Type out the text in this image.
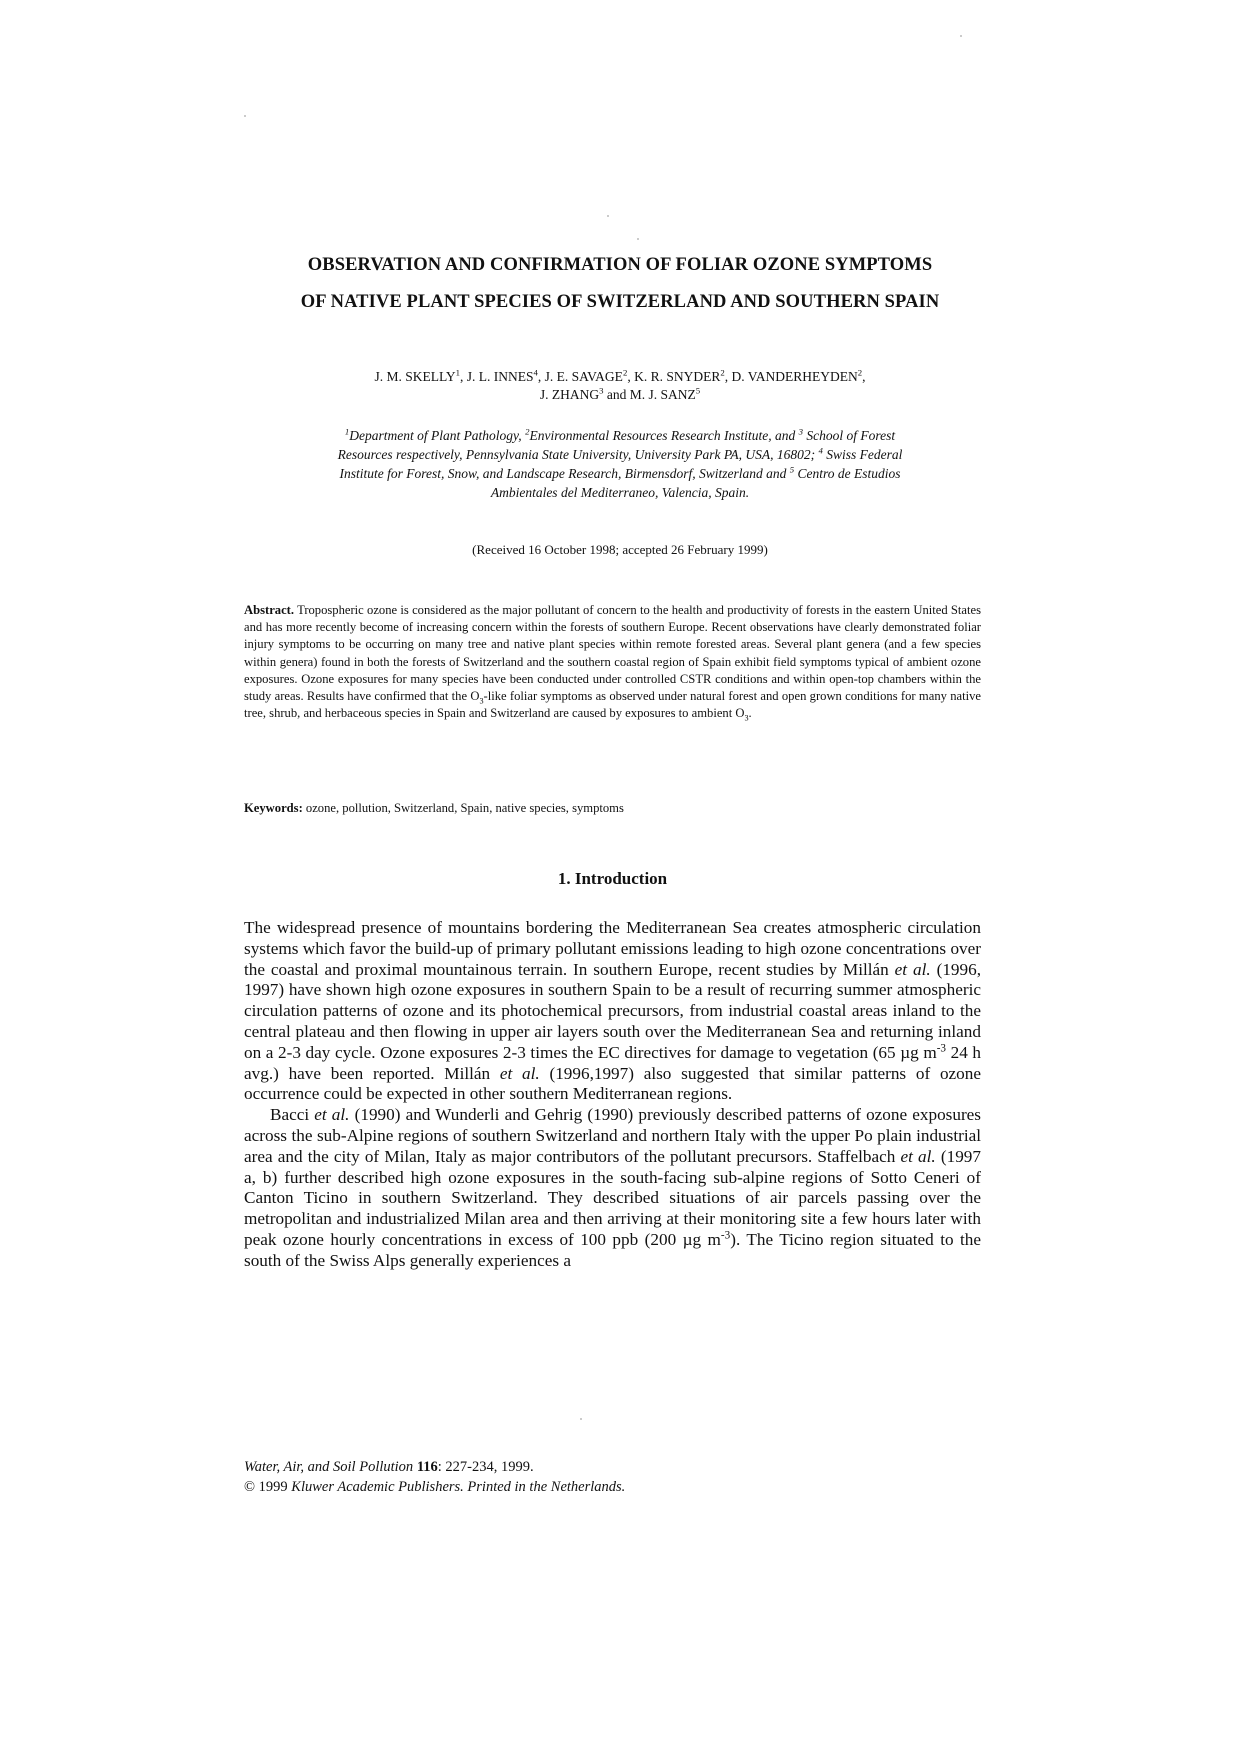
OBSERVATION AND CONFIRMATION OF FOLIAR OZONE SYMPTOMS
OF NATIVE PLANT SPECIES OF SWITZERLAND AND SOUTHERN SPAIN
J. M. SKELLY$^1$, J. L. INNES$^4$, J. E. SAVAGE$^2$, K. R. SNYDER$^2$, D. VANDERHEYDEN$^2$,
J. ZHANG$^3$ and M. J. SANZ$^5$
$^1$Department of Plant Pathology, $^2$Environmental Resources Research Institute, and $^3$ School of Forest
Resources respectively, Pennsylvania State University, University Park PA, USA, 16802; $^4$ Swiss Federal
Institute for Forest, Snow, and Landscape Research, Birmensdorf, Switzerland and $^5$ Centro de Estudios
Ambientales del Mediterraneo, Valencia, Spain.
(Received 16 October 1998; accepted 26 February 1999)
Abstract. Tropospheric ozone is considered as the major pollutant of concern to the health and productivity of forests in the eastern United States and has more recently become of increasing concern within the forests of southern Europe. Recent observations have clearly demonstrated foliar injury symptoms to be occurring on many tree and native plant species within remote forested areas. Several plant genera (and a few species within genera) found in both the forests of Switzerland and the southern coastal region of Spain exhibit field symptoms typical of ambient ozone exposures. Ozone exposures for many species have been conducted under controlled CSTR conditions and within open-top chambers within the study areas. Results have confirmed that the $O_3$-like foliar symptoms as observed under natural forest and open grown conditions for many native tree, shrub, and herbaceous species in Spain and Switzerland are caused by exposures to ambient $O_3$.
Keywords: ozone, pollution, Switzerland, Spain, native species, symptoms
1. Introduction

The widespread presence of mountains bordering the Mediterranean Sea creates atmospheric circulation systems which favor the build-up of primary pollutant emissions leading to high ozone concentrations over the coastal and proximal mountainous terrain. In southern Europe, recent studies by Millán et al. (1996, 1997) have shown high ozone exposures in southern Spain to be a result of recurring summer atmospheric circulation patterns of ozone and its photochemical precursors, from industrial coastal areas inland to the central plateau and then flowing in upper air layers south over the Mediterranean Sea and returning inland on a 2-3 day cycle. Ozone exposures 2-3 times the EC directives for damage to vegetation (65 µg $m^{-3}$ 24 h avg.) have been reported. Millán et al. (1996,1997) also suggested that similar patterns of ozone occurrence could be expected in other southern Mediterranean regions.

Bacci et al. (1990) and Wunderli and Gehrig (1990) previously described patterns of ozone exposures across the sub-Alpine regions of southern Switzerland and northern Italy with the upper Po plain industrial area and the city of Milan, Italy as major contributors of the pollutant precursors. Staffelbach et al. (1997 a, b) further described high ozone exposures in the south-facing sub-alpine regions of Sotto Ceneri of Canton Ticino in southern Switzerland. They described situations of air parcels passing over the metropolitan and industrialized Milan area and then arriving at their monitoring site a few hours later with peak ozone hourly concentrations in excess of 100 ppb (200 µg $m^{-3}$). The Ticino region situated to the south of the Swiss Alps generally experiences a

Water, Air, and Soil Pollution 116: 227-234, 1999.
© 1999 Kluwer Academic Publishers. Printed in the Netherlands.
